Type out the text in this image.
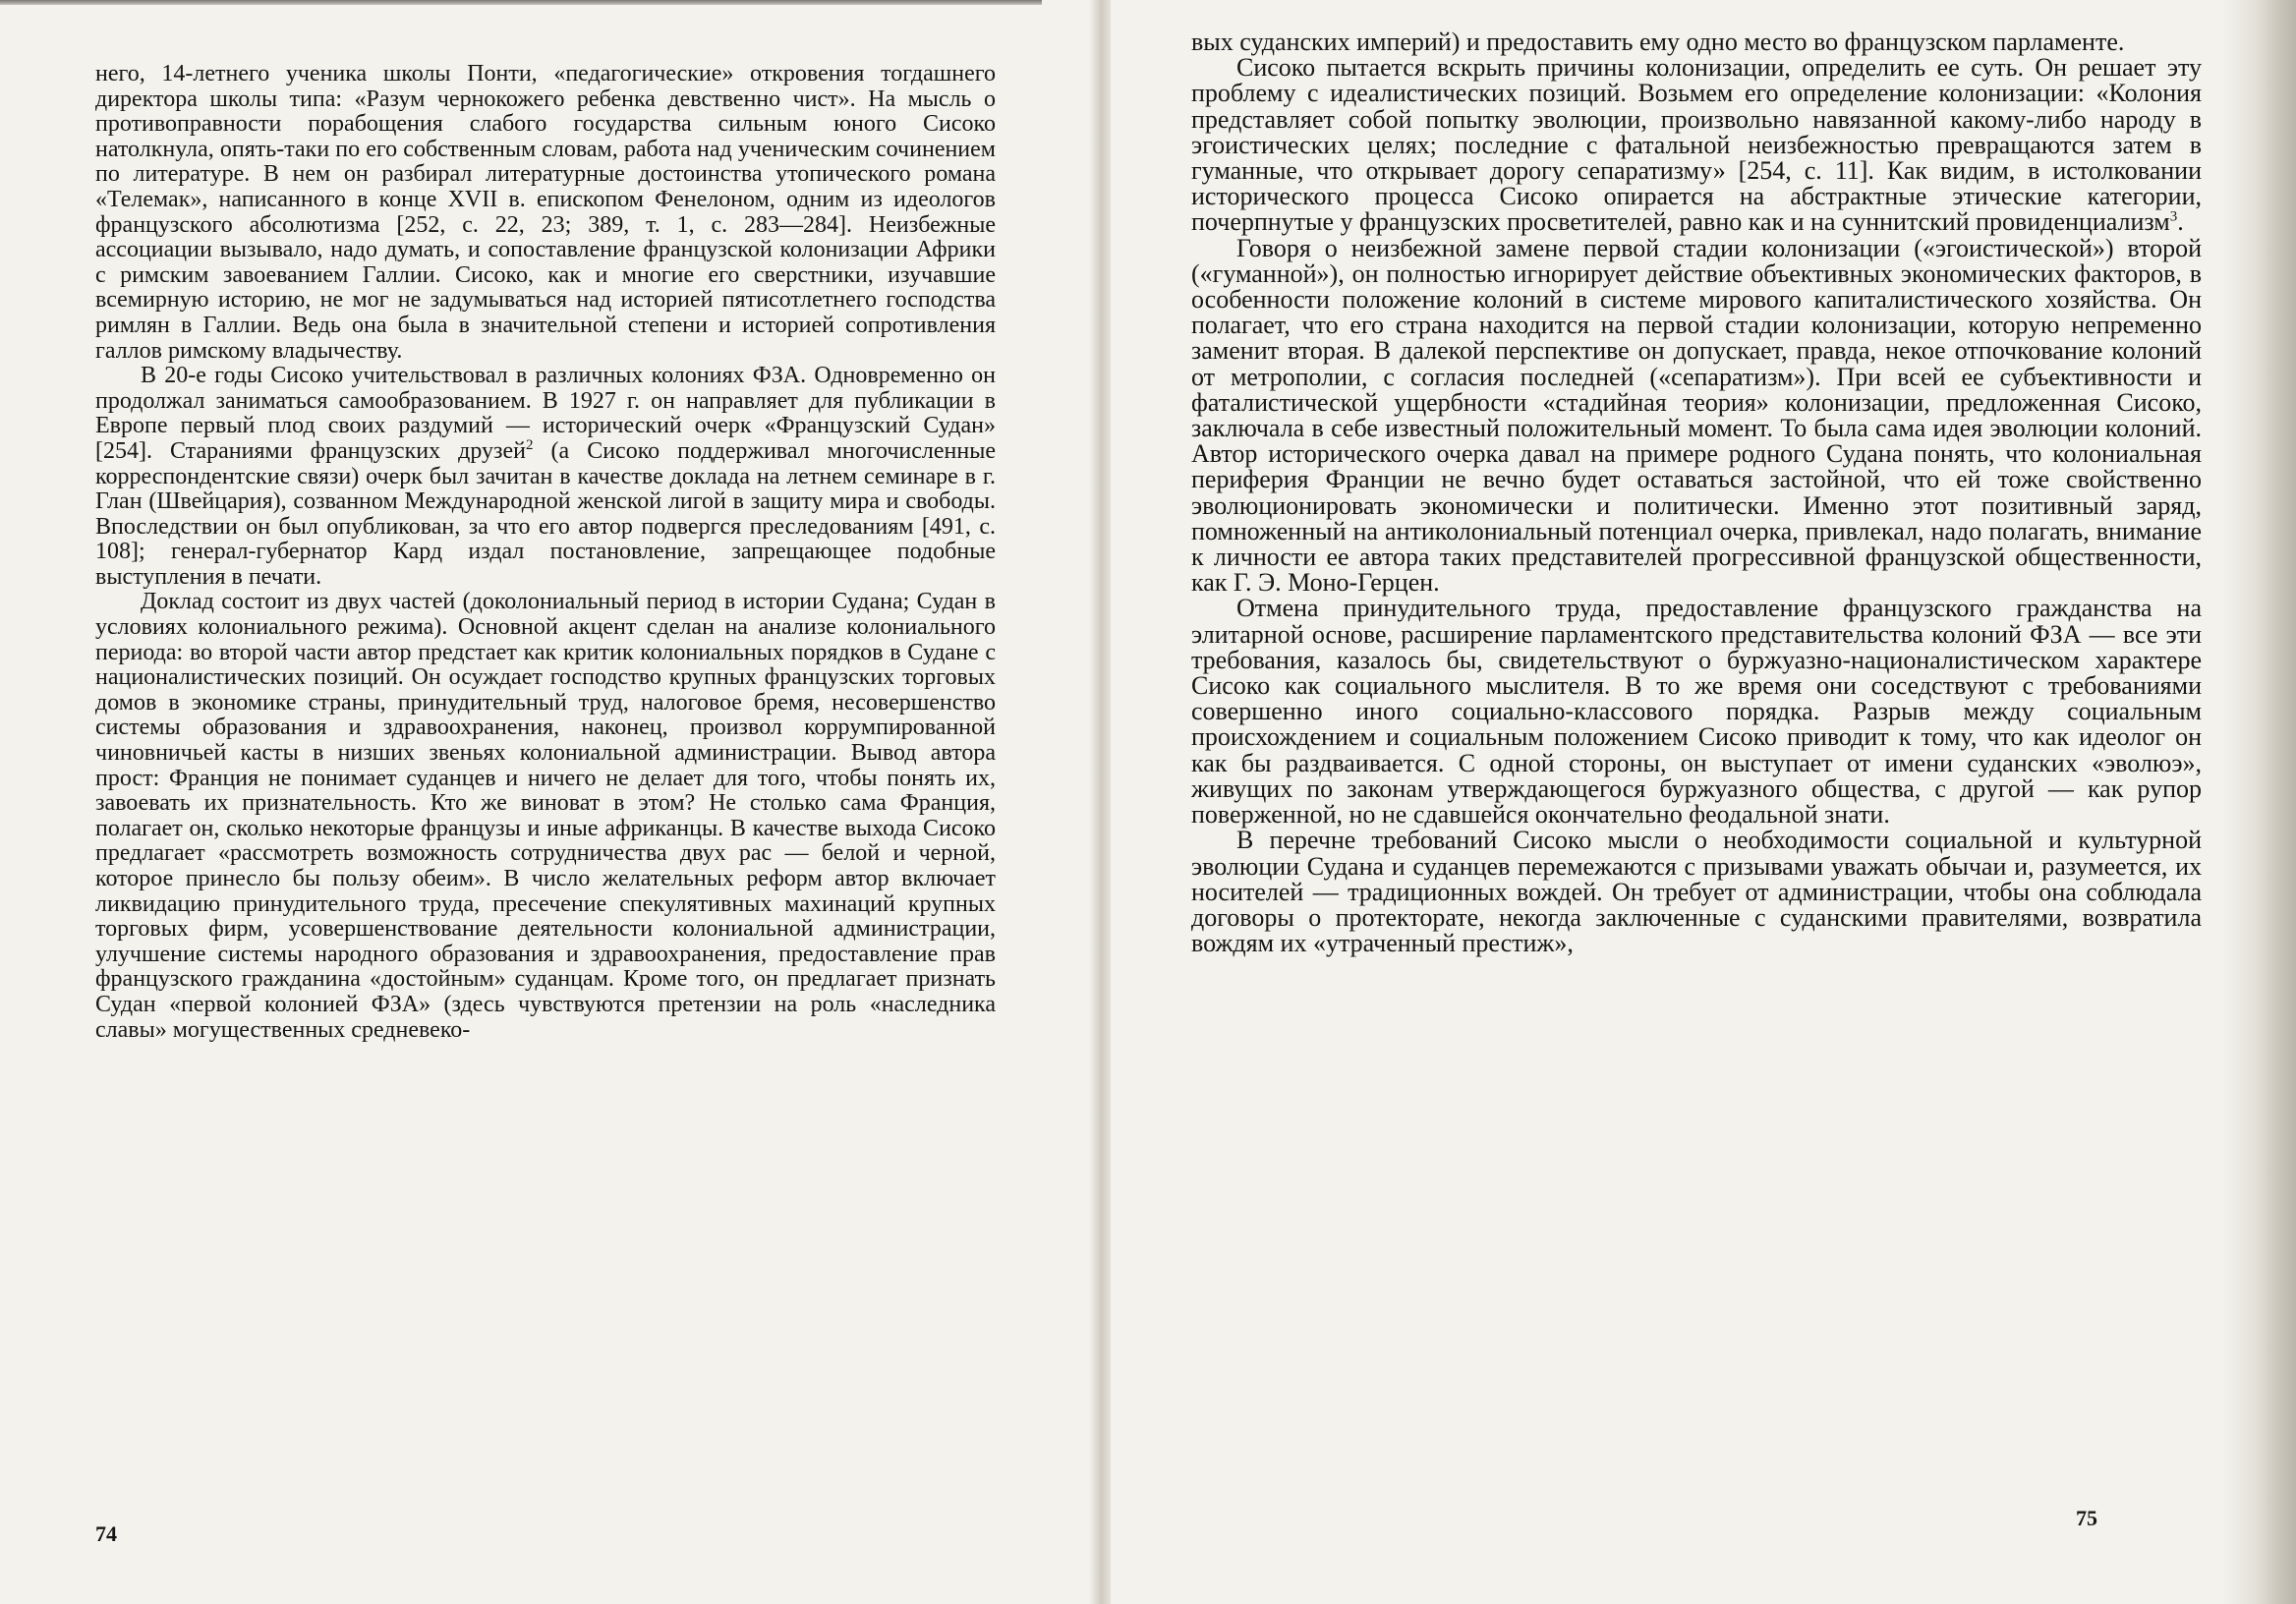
него, 14-летнего ученика школы Понти, «педагогические» откровения тогдашнего директора школы типа: «Разум чернокожего ребенка девственно чист». На мысль о противоправности порабощения слабого государства сильным юного Сисоко натолкнула, опять-таки по его собственным словам, работа над ученическим сочинением по литературе. В нем он разбирал литературные достоинства утопического романа «Телемак», написанного в конце XVII в. епископом Фенелоном, одним из идеологов французского абсолютизма [252, с. 22, 23; 389, т. 1, с. 283—284]. Неизбежные ассоциации вызывало, надо думать, и сопоставление французской колонизации Африки с римским завоеванием Галлии. Сисоко, как и многие его сверстники, изучавшие всемирную историю, не мог не задумываться над историей пятисотлетнего господства римлян в Галлии. Ведь она была в значительной степени и историей сопротивления галлов римскому владычеству.

В 20-е годы Сисоко учительствовал в различных колониях ФЗА. Одновременно он продолжал заниматься самообразованием. В 1927 г. он направляет для публикации в Европе первый плод своих раздумий — исторический очерк «Французский Судан» [254]. Стараниями французских друзей$^2$ (а Сисоко поддерживал многочисленные корреспондентские связи) очерк был зачитан в качестве доклада на летнем семинаре в г. Глан (Швейцария), созванном Международной женской лигой в защиту мира и свободы. Впоследствии он был опубликован, за что его автор подвергся преследованиям [491, с. 108]; генерал-губернатор Кард издал постановление, запрещающее подобные выступления в печати.

Доклад состоит из двух частей (доколониальный период в истории Судана; Судан в условиях колониального режима). Основной акцент сделан на анализе колониального периода: во второй части автор предстает как критик колониальных порядков в Судане с националистических позиций. Он осуждает господство крупных французских торговых домов в экономике страны, принудительный труд, налоговое бремя, несовершенство системы образования и здравоохранения, наконец, произвол коррумпированной чиновничьей касты в низших звеньях колониальной администрации. Вывод автора прост: Франция не понимает суданцев и ничего не делает для того, чтобы понять их, завоевать их признательность. Кто же виноват в этом? Не столько сама Франция, полагает он, сколько некоторые французы и иные африканцы. В качестве выхода Сисоко предлагает «рассмотреть возможность сотрудничества двух рас — белой и черной, которое принесло бы пользу обеим». В число желательных реформ автор включает ликвидацию принудительного труда, пресечение спекулятивных махинаций крупных торговых фирм, усовершенствование деятельности колониальной администрации, улучшение системы народного образования и здравоохранения, предоставление прав французского гражданина «достойным» суданцам. Кроме того, он предлагает признать Судан «первой колонией ФЗА» (здесь чувствуются претензии на роль «наследника славы» могущественных средневеко-

74

вых суданских империй) и предоставить ему одно место во французском парламенте.

Сисоко пытается вскрыть причины колонизации, определить ее суть. Он решает эту проблему с идеалистических позиций. Возьмем его определение колонизации: «Колония представляет собой попытку эволюции, произвольно навязанной какому-либо народу в эгоистических целях; последние с фатальной неизбежностью превращаются затем в гуманные, что открывает дорогу сепаратизму» [254, с. 11]. Как видим, в истолковании исторического процесса Сисоко опирается на абстрактные этические категории, почерпнутые у французских просветителей, равно как и на суннитский провиденциализм$^3$.

Говоря о неизбежной замене первой стадии колонизации («эгоистической») второй («гуманной»), он полностью игнорирует действие объективных экономических факторов, в особенности положение колоний в системе мирового капиталистического хозяйства. Он полагает, что его страна находится на первой стадии колонизации, которую непременно заменит вторая. В далекой перспективе он допускает, правда, некое отпочкование колоний от метрополии, с согласия последней («сепаратизм»). При всей ее субъективности и фаталистической ущербности «стадийная теория» колонизации, предложенная Сисоко, заключала в себе известный положительный момент. То была сама идея эволюции колоний. Автор исторического очерка давал на примере родного Судана понять, что колониальная периферия Франции не вечно будет оставаться застойной, что ей тоже свойственно эволюционировать экономически и политически. Именно этот позитивный заряд, помноженный на антиколониальный потенциал очерка, привлекал, надо полагать, внимание к личности ее автора таких представителей прогрессивной французской общественности, как Г. Э. Моно-Герцен.

Отмена принудительного труда, предоставление французского гражданства на элитарной основе, расширение парламентского представительства колоний ФЗА — все эти требования, казалось бы, свидетельствуют о буржуазно-националистическом характере Сисоко как социального мыслителя. В то же время они соседствуют с требованиями совершенно иного социально-классового порядка. Разрыв между социальным происхождением и социальным положением Сисоко приводит к тому, что как идеолог он как бы раздваивается. С одной стороны, он выступает от имени суданских «эволюэ», живущих по законам утверждающегося буржуазного общества, с другой — как рупор поверженной, но не сдавшейся окончательно феодальной знати.

В перечне требований Сисоко мысли о необходимости социальной и культурной эволюции Судана и суданцев перемежаются с призывами уважать обычаи и, разумеется, их носителей — традиционных вождей. Он требует от администрации, чтобы она соблюдала договоры о протекторате, некогда заключенные с суданскими правителями, возвратила вождям их «утраченный престиж»,

75
